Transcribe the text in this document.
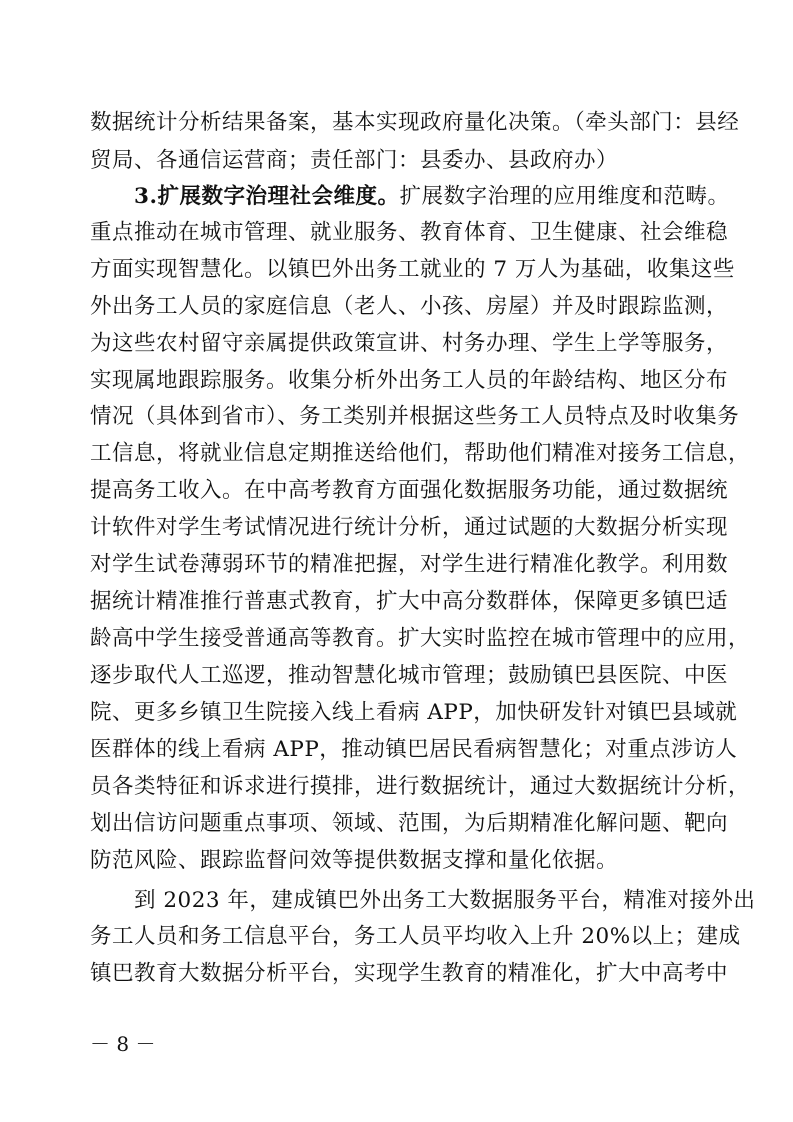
数据统计分析结果备案，基本实现政府量化决策。（牵头部门：县经
贸局、各通信运营商；责任部门：县委办、县政府办）
3.扩展数字治理社会维度。扩展数字治理的应用维度和范畴。
重点推动在城市管理、就业服务、教育体育、卫生健康、社会维稳
方面实现智慧化。以镇巴外出务工就业的 7 万人为基础，收集这些
外出务工人员的家庭信息（老人、小孩、房屋）并及时跟踪监测，
为这些农村留守亲属提供政策宣讲、村务办理、学生上学等服务，
实现属地跟踪服务。收集分析外出务工人员的年龄结构、地区分布
情况（具体到省市）、务工类别并根据这些务工人员特点及时收集务
工信息，将就业信息定期推送给他们，帮助他们精准对接务工信息，
提高务工收入。在中高考教育方面强化数据服务功能，通过数据统
计软件对学生考试情况进行统计分析，通过试题的大数据分析实现
对学生试卷薄弱环节的精准把握，对学生进行精准化教学。利用数
据统计精准推行普惠式教育，扩大中高分数群体，保障更多镇巴适
龄高中学生接受普通高等教育。扩大实时监控在城市管理中的应用，
逐步取代人工巡逻，推动智慧化城市管理；鼓励镇巴县医院、中医
院、更多乡镇卫生院接入线上看病 APP，加快研发针对镇巴县域就
医群体的线上看病 APP，推动镇巴居民看病智慧化；对重点涉访人
员各类特征和诉求进行摸排，进行数据统计，通过大数据统计分析，
划出信访问题重点事项、领域、范围，为后期精准化解问题、靶向
防范风险、跟踪监督问效等提供数据支撑和量化依据。
到 2023 年，建成镇巴外出务工大数据服务平台，精准对接外出
务工人员和务工信息平台，务工人员平均收入上升 20%以上；建成
镇巴教育大数据分析平台，实现学生教育的精准化，扩大中高考中
－ 8 －
